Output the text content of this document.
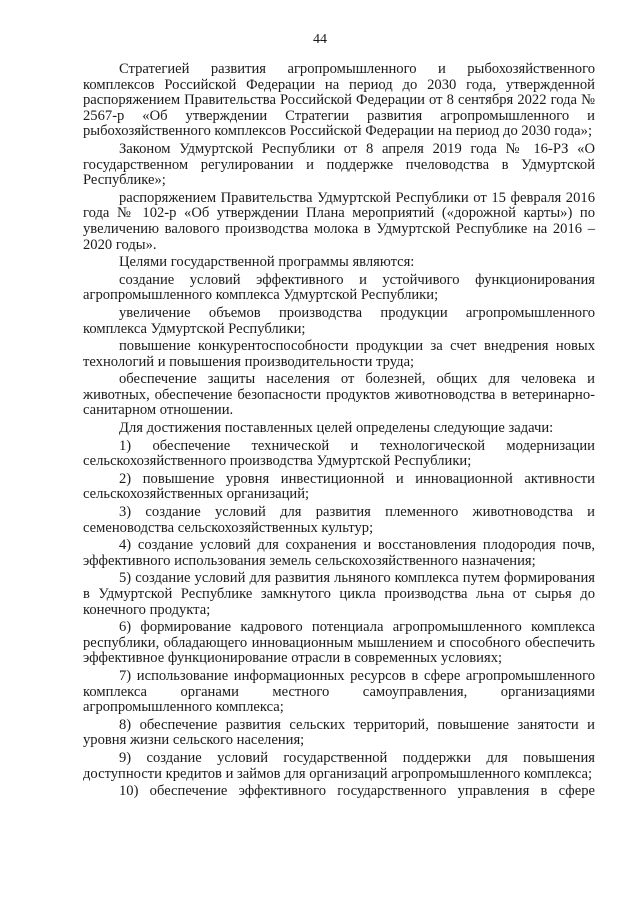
44

Стратегией развития агропромышленного и рыбохозяйственного комплексов Российской Федерации на период до 2030 года, утвержденной распоряжением Правительства Российской Федерации от 8 сентября 2022 года № 2567-р «Об утверждении Стратегии развития агропромышленного и рыбохозяйственного комплексов Российской Федерации на период до 2030 года»;

Законом Удмуртской Республики от 8 апреля 2019 года № 16-РЗ «О государственном регулировании и поддержке пчеловодства в Удмуртской Республике»;

распоряжением Правительства Удмуртской Республики от 15 февраля 2016 года № 102-р «Об утверждении Плана мероприятий («дорожной карты») по увеличению валового производства молока в Удмуртской Республике на 2016 – 2020 годы».

Целями государственной программы являются:

создание условий эффективного и устойчивого функционирования агропромышленного комплекса Удмуртской Республики;

увеличение объемов производства продукции агропромышленного комплекса Удмуртской Республики;

повышение конкурентоспособности продукции за счет внедрения новых технологий и повышения производительности труда;

обеспечение защиты населения от болезней, общих для человека и животных, обеспечение безопасности продуктов животноводства в ветеринарно-санитарном отношении.

Для достижения поставленных целей определены следующие задачи:

1) обеспечение технической и технологической модернизации сельскохозяйственного производства Удмуртской Республики;

2) повышение уровня инвестиционной и инновационной активности сельскохозяйственных организаций;

3) создание условий для развития племенного животноводства и семеноводства сельскохозяйственных культур;

4) создание условий для сохранения и восстановления плодородия почв, эффективного использования земель сельскохозяйственного назначения;

5) создание условий для развития льняного комплекса путем формирования в Удмуртской Республике замкнутого цикла производства льна от сырья до конечного продукта;

6) формирование кадрового потенциала агропромышленного комплекса республики, обладающего инновационным мышлением и способного обеспечить эффективное функционирование отрасли в современных условиях;

7) использование информационных ресурсов в сфере агропромышленного комплекса органами местного самоуправления, организациями агропромышленного комплекса;

8) обеспечение развития сельских территорий, повышение занятости и уровня жизни сельского населения;

9) создание условий государственной поддержки для повышения доступности кредитов и займов для организаций агропромышленного комплекса;

10) обеспечение эффективного государственного управления в сфере
